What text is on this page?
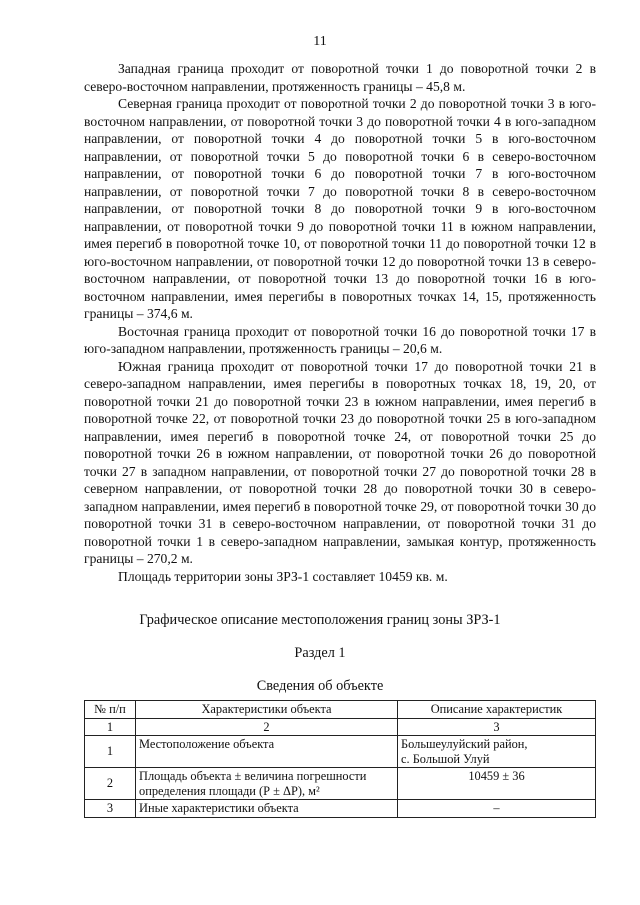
11

Западная граница проходит от поворотной точки 1 до поворотной точки 2 в северо-восточном направлении, протяженность границы – 45,8 м.

Северная граница проходит от поворотной точки 2 до поворотной точки 3 в юго-восточном направлении, от поворотной точки 3 до поворотной точки 4 в юго-западном направлении, от поворотной точки 4 до поворотной точки 5 в юго-восточном направлении, от поворотной точки 5 до поворотной точки 6 в северо-восточном направлении, от поворотной точки 6 до поворотной точки 7 в юго-восточном направлении, от поворотной точки 7 до поворотной точки 8 в северо-восточном направлении, от поворотной точки 8 до поворотной точки 9 в юго-восточном направлении, от поворотной точки 9 до поворотной точки 11 в южном направлении, имея перегиб в поворотной точке 10, от поворотной точки 11 до поворотной точки 12 в юго-восточном направлении, от поворотной точки 12 до поворотной точки 13 в северо-восточном направлении, от поворотной точки 13 до поворотной точки 16 в юго-восточном направлении, имея перегибы в поворотных точках 14, 15, протяженность границы – 374,6 м.

Восточная граница проходит от поворотной точки 16 до поворотной точки 17 в юго-западном направлении, протяженность границы – 20,6 м.

Южная граница проходит от поворотной точки 17 до поворотной точки 21 в северо-западном направлении, имея перегибы в поворотных точках 18, 19, 20, от поворотной точки 21 до поворотной точки 23 в южном направлении, имея перегиб в поворотной точке 22, от поворотной точки 23 до поворотной точки 25 в юго-западном направлении, имея перегиб в поворотной точке 24, от поворотной точки 25 до поворотной точки 26 в южном направлении, от поворотной точки 26 до поворотной точки 27 в западном направлении, от поворотной точки 27 до поворотной точки 28 в северном направлении, от поворотной точки 28 до поворотной точки 30 в северо-западном направлении, имея перегиб в поворотной точке 29, от поворотной точки 30 до поворотной точки 31 в северо-восточном направлении, от поворотной точки 31 до поворотной точки 1 в северо-западном направлении, замыкая контур, протяженность границы – 270,2 м.

Площадь территории зоны ЗРЗ-1 составляет 10459 кв. м.

Графическое описание местоположения границ зоны ЗРЗ-1
Раздел 1
Сведения об объекте
№ п/п	Характеристики объекта	Описание характеристик
1	2	3
1	Местоположение объекта	Большеулуйский район,
с. Большой Улуй

2	Площадь объекта ± величина погрешности определения площади (Р ± ΔР), м²	10459 ± 36
3	Иные характеристики объекта	–
